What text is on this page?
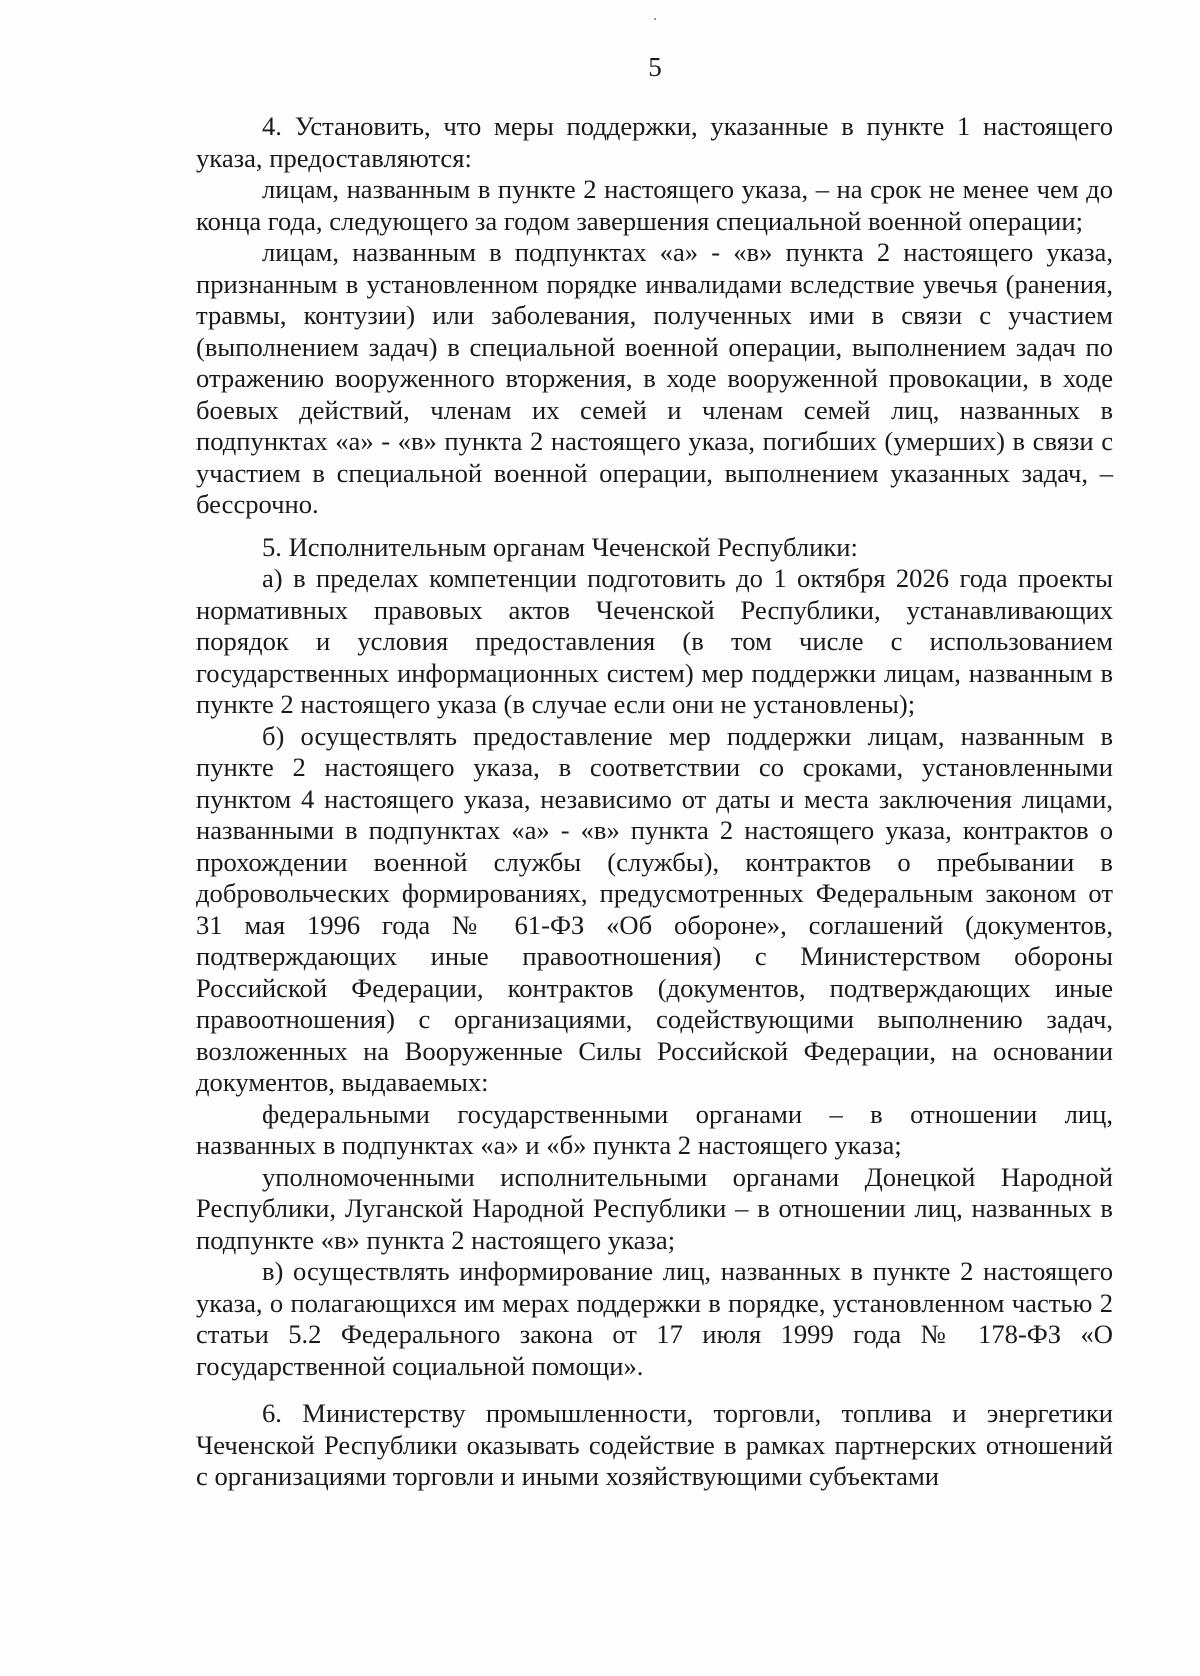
5

4. Установить, что меры поддержки, указанные в пункте 1 настоящего указа, предоставляются:

лицам, названным в пункте 2 настоящего указа, – на срок не менее чем до конца года, следующего за годом завершения специальной военной операции;

лицам, названным в подпунктах «а» - «в» пункта 2 настоящего указа, признанным в установленном порядке инвалидами вследствие увечья (ранения, травмы, контузии) или заболевания, полученных ими в связи с участием (выполнением задач) в специальной военной операции, выполнением задач по отражению вооруженного вторжения, в ходе вооруженной провокации, в ходе боевых действий, членам их семей и членам семей лиц, названных в подпунктах «а» - «в» пункта 2 настоящего указа, погибших (умерших) в связи с участием в специальной военной операции, выполнением указанных задач, – бессрочно.

5. Исполнительным органам Чеченской Республики:

а) в пределах компетенции подготовить до 1 октября 2026 года проекты нормативных правовых актов Чеченской Республики, устанавливающих порядок и условия предоставления (в том числе с использованием государственных информационных систем) мер поддержки лицам, названным в пункте 2 настоящего указа (в случае если они не установлены);

б) осуществлять предоставление мер поддержки лицам, названным в пункте 2 настоящего указа, в соответствии со сроками, установленными пунктом 4 настоящего указа, независимо от даты и места заключения лицами, названными в подпунктах «а» - «в» пункта 2 настоящего указа, контрактов о прохождении военной службы (службы), контрактов о пребывании в добровольческих формированиях, предусмотренных Федеральным законом от 31 мая 1996 года № 61-ФЗ «Об обороне», соглашений (документов, подтверждающих иные правоотношения) с Министерством обороны Российской Федерации, контрактов (документов, подтверждающих иные правоотношения) с организациями, содействующими выполнению задач, возложенных на Вооруженные Силы Российской Федерации, на основании документов, выдаваемых:

федеральными государственными органами – в отношении лиц, названных в подпунктах «а» и «б» пункта 2 настоящего указа;

уполномоченными исполнительными органами Донецкой Народной Республики, Луганской Народной Республики – в отношении лиц, названных в подпункте «в» пункта 2 настоящего указа;

в) осуществлять информирование лиц, названных в пункте 2 настоящего указа, о полагающихся им мерах поддержки в порядке, установленном частью 2 статьи 5.2 Федерального закона от 17 июля 1999 года № 178-ФЗ «О государственной социальной помощи».

6. Министерству промышленности, торговли, топлива и энергетики Чеченской Республики оказывать содействие в рамках партнерских отношений с организациями торговли и иными хозяйствующими субъектами
